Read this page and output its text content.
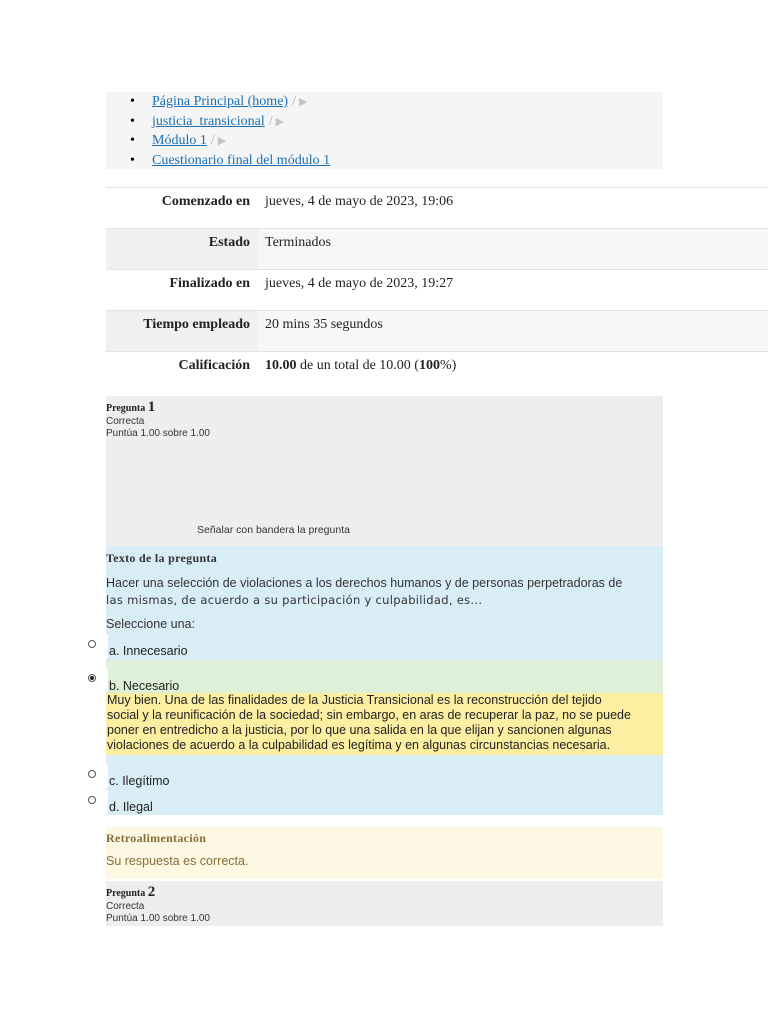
• Página Principal (home) / ▶
• justicia_transicional / ▶
• Módulo 1 / ▶
• Cuestionario final del módulo 1
Comenzado en	jueves, 4 de mayo de 2023, 19:06
Estado	Terminados
Finalizado en	jueves, 4 de mayo de 2023, 19:27
Tiempo empleado	20 mins 35 segundos
Calificación	10.00 de un total de 10.00 (100%)
Pregunta 1
Correcta
Puntúa 1.00 sobre 1.00
Señalar con bandera la pregunta
Texto de la pregunta
Hacer una selección de violaciones a los derechos humanos y de personas perpetradoras de
las mismas, de acuerdo a su participación y culpabilidad, es...
Seleccione una:
a. Innecesario
b. Necesario
Muy bien. Una de las finalidades de la Justicia Transicional es la reconstrucción del tejido
social y la reunificación de la sociedad; sin embargo, en aras de recuperar la paz, no se puede
poner en entredicho a la justicia, por lo que una salida en la que elijan y sancionen algunas
violaciones de acuerdo a la culpabilidad es legítima y en algunas circunstancias necesaria.
c. Ilegítimo
d. Ilegal
Retroalimentación
Su respuesta es correcta.
Pregunta 2
Correcta
Puntúa 1.00 sobre 1.00
